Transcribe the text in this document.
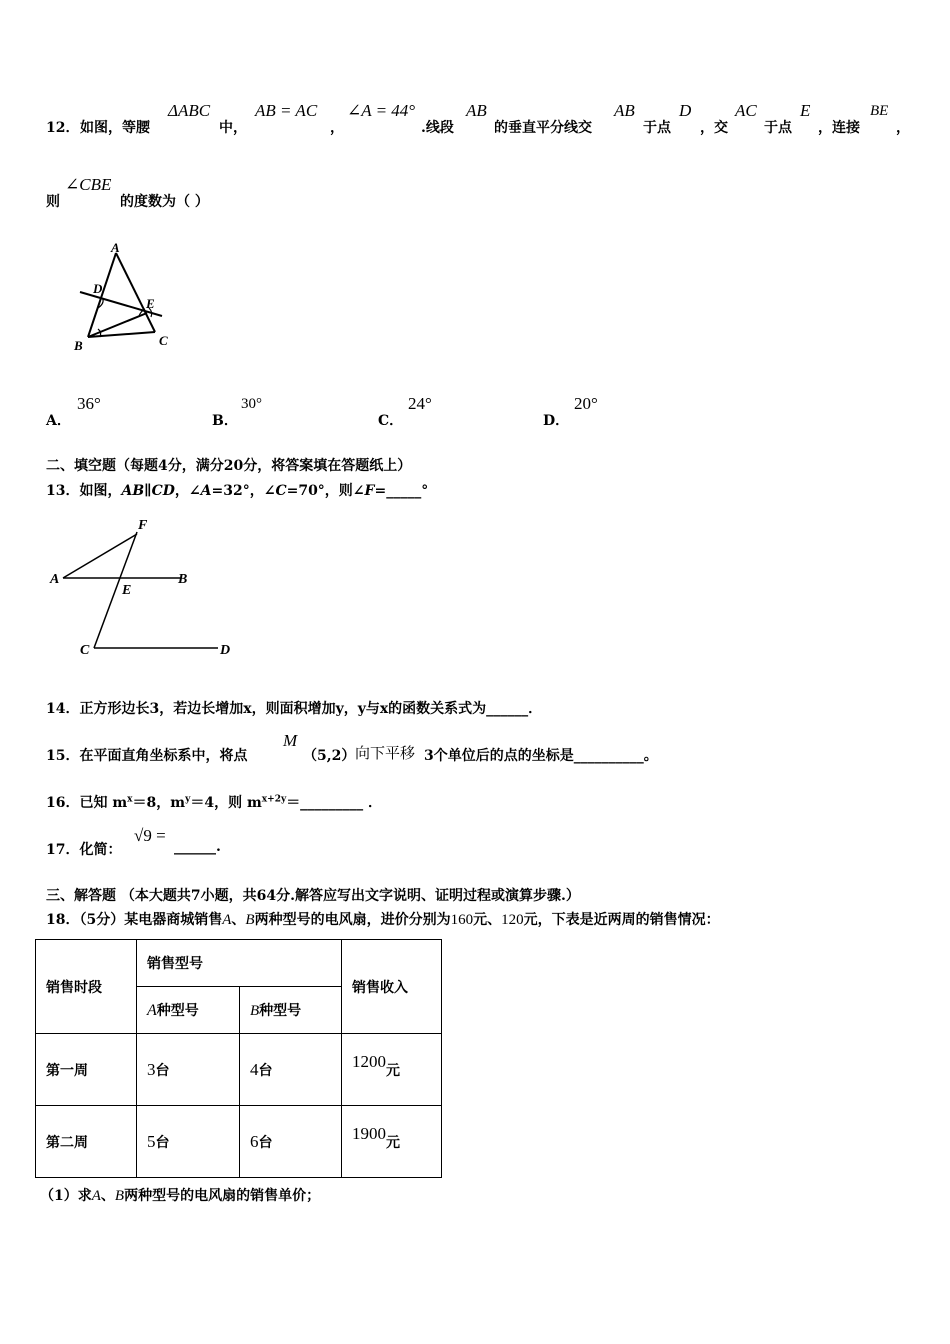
12． 如图，等腰
ΔABC
中，
AB = AC
，
∠A = 44°
.线段
AB
的垂直平分线交
AB
于点
D
，交
AC
于点
E
，连接
BE
，
则
∠CBE
的度数为（ ）
A
D
E
B	C
A．
36°
B．
30°
C．
24°
D．
20°
二、填空题（每题4分，满分20分，将答案填在答题纸上）
13．如图，AB∥CD，∠A=32°，∠C=70°，则∠F=_____°
F
A
E
B
C	D
14．正方形边长3，若边长增加x，则面积增加y，y与x的函数关系式为______．
15．在平面直角坐标系中，将点
M
（5,2） 向下平移 3个单位后的点的坐标是__________。
16．已知 $m^x=8$，$m^y=4$，则 $m^{x+2y}=\_\_\_\_\_\_\_\_\_$ ．
17．化简：
√9 =
______.
三、解答题 （本大题共7小题，共64分.解答应写出文字说明、证明过程或演算步骤.）
18．（5分）某电器商城销售A、B两种型号的电风扇，进价分别为160元、120元，下表是近两周的销售情况：
销售时段	销售型号		销售收入
	A种型号	B种型号	
第一周	3台	4台	1200元
第二周	5台	6台	1900元
（1）求A、B两种型号的电风扇的销售单价；
